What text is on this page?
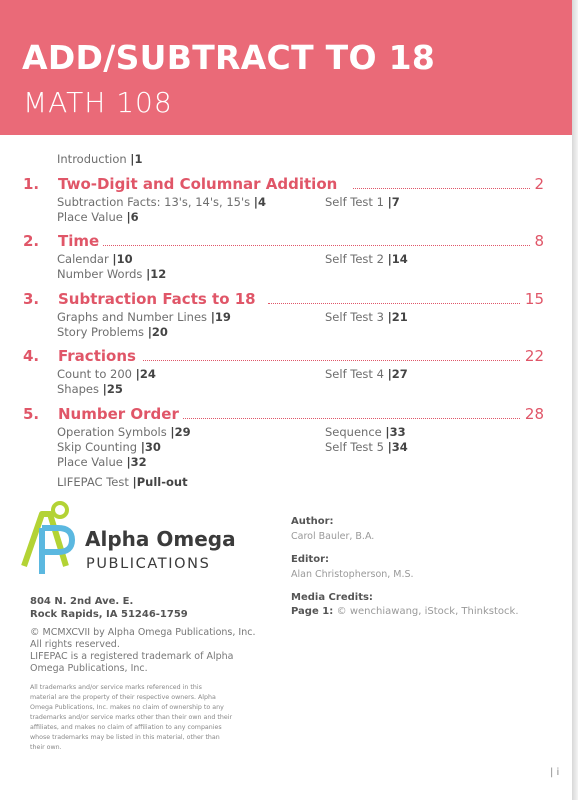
ADD/SUBTRACT TO 18
MATH 108
Introduction |1
1. Two-Digit and Columnar Addition	2
Subtraction Facts: 13's, 14's, 15's |4
Place Value |6
Self Test 1 |7
2. Time	8
Calendar |10
Number Words |12
Self Test 2 |14
3. Subtraction Facts to 18	15
Graphs and Number Lines |19
Story Problems |20
Self Test 3 |21
4. Fractions	22
Count to 200 |24
Shapes |25
Self Test 4 |27
5. Number Order	28
Operation Symbols |29
Skip Counting |30
Place Value |32
Sequence |33
Self Test 5 |34
LIFEPAC Test |Pull-out
Alpha Omega
PUBLICATIONS
804 N. 2nd Ave. E.
Rock Rapids, IA 51246-1759
© MCMXCVII by Alpha Omega Publications, Inc.
All rights reserved.
LIFEPAC is a registered trademark of Alpha
Omega Publications, Inc.
All trademarks and/or service marks referenced in this
material are the property of their respective owners. Alpha
Omega Publications, Inc. makes no claim of ownership to any
trademarks and/or service marks other than their own and their
affiliates, and makes no claim of affiliation to any companies
whose trademarks may be listed in this material, other than
their own.
Author:
Carol Bauler, B.A.
Editor:
Alan Christopherson, M.S.
Media Credits:
Page 1: © wenchiawang, iStock, Thinkstock.
| i
